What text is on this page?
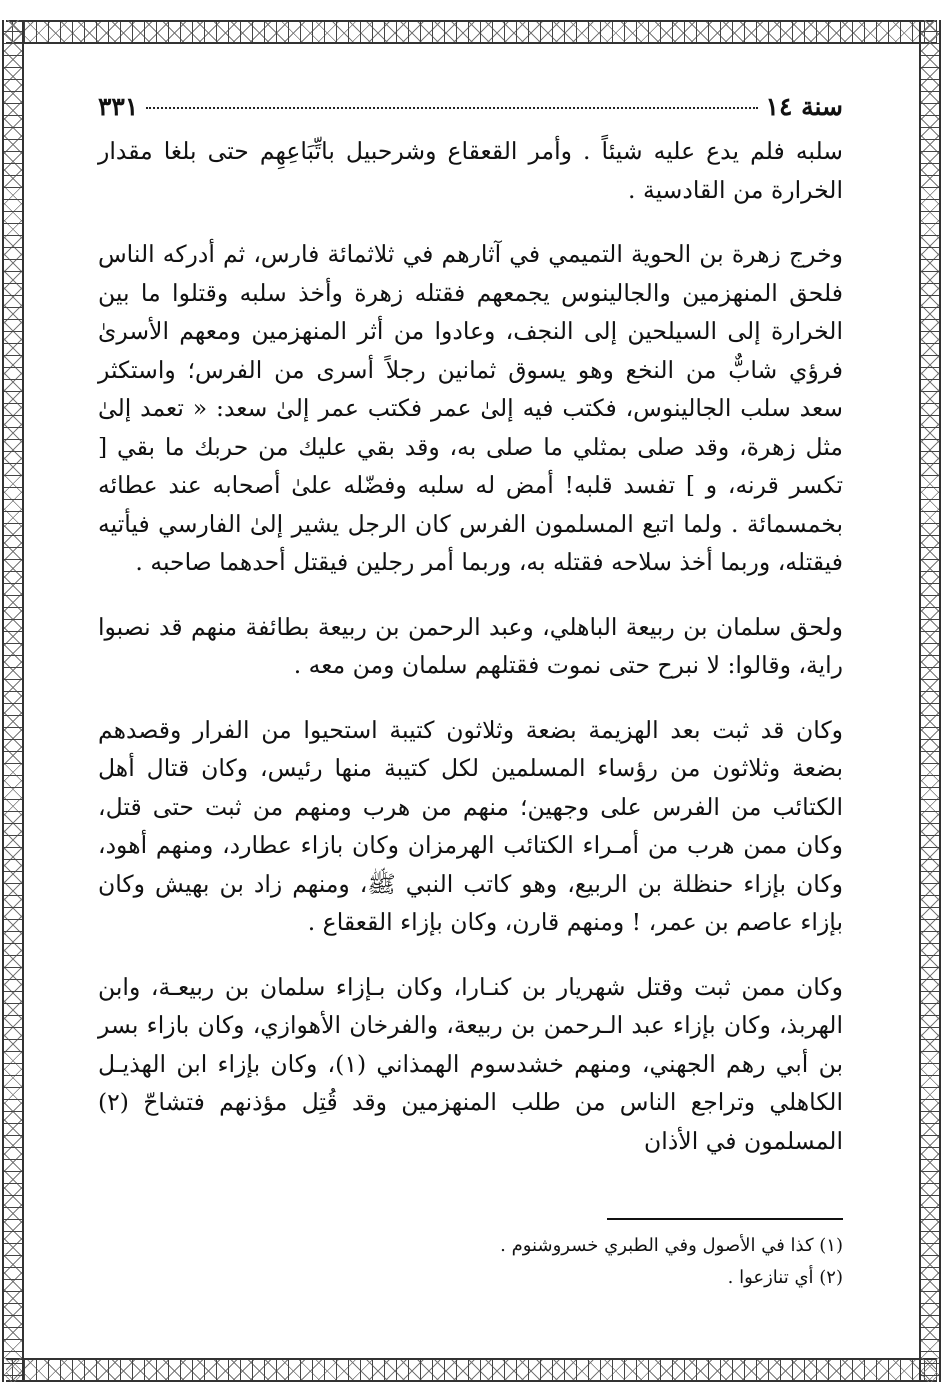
سنة ١٤
٣٣١

سلبه فلم يدع عليه شيئاً . وأمر القعقاع وشرحبيل باتِّبَاعِهِم حتى بلغا مقدار الخرارة من القادسية .

وخرج زهرة بن الحوية التميمي في آثارهم في ثلاثمائة فارس، ثم أدركه الناس فلحق المنهزمين والجالينوس يجمعهم فقتله زهرة وأخذ سلبه وقتلوا ما بين الخرارة إلى السيلحين إلى النجف، وعادوا من أثر المنهزمين ومعهم الأسرىٰ فرؤي شابٌّ من النخع وهو يسوق ثمانين رجلاً أسرى من الفرس؛ واستكثر سعد سلب الجالينوس، فكتب فيه إلىٰ عمر فكتب عمر إلىٰ سعد: « تعمد إلىٰ مثل زهرة، وقد صلى بمثلي ما صلى به، وقد بقي عليك من حربك ما بقي [ تكسر قرنه، و ] تفسد قلبه! أمض له سلبه وفضّله علىٰ أصحابه عند عطائه بخمسمائة . ولما اتبع المسلمون الفرس كان الرجل يشير إلىٰ الفارسي فيأتيه فيقتله، وربما أخذ سلاحه فقتله به، وربما أمر رجلين فيقتل أحدهما صاحبه .

ولحق سلمان بن ربيعة الباهلي، وعبد الرحمن بن ربيعة بطائفة منهم قد نصبوا راية، وقالوا: لا نبرح حتى نموت فقتلهم سلمان ومن معه .

وكان قد ثبت بعد الهزيمة بضعة وثلاثون كتيبة استحيوا من الفرار وقصدهم بضعة وثلاثون من رؤساء المسلمين لكل كتيبة منها رئيس، وكان قتال أهل الكتائب من الفرس على وجهين؛ منهم من هرب ومنهم من ثبت حتى قتل، وكان ممن هرب من أمـراء الكتائب الهرمزان وكان بازاء عطارد، ومنهم أهود، وكان بإزاء حنظلة بن الربيع، وهو كاتب النبي ﷺ، ومنهم زاد بن بهيش وكان بإزاء عاصم بن عمر، ! ومنهم قارن، وكان بإزاء القعقاع .

وكان ممن ثبت وقتل شهريار بن كنـارا، وكان بـإزاء سلمان بن ربيعـة، وابن الهربذ، وكان بإزاء عبد الـرحمن بن ربيعة، والفرخان الأهوازي، وكان بازاء بسر بن أبي رهم الجهني، ومنهم خشدسوم الهمذاني (١)، وكان بإزاء ابن الهذيـل الكاهلي وتراجع الناس من طلب المنهزمين وقد قُتِل مؤذنهم فتشاحّ (٢) المسلمون في الأذان

(١) كذا في الأصول وفي الطبري خسروشنوم .
(٢) أي تنازعوا .
